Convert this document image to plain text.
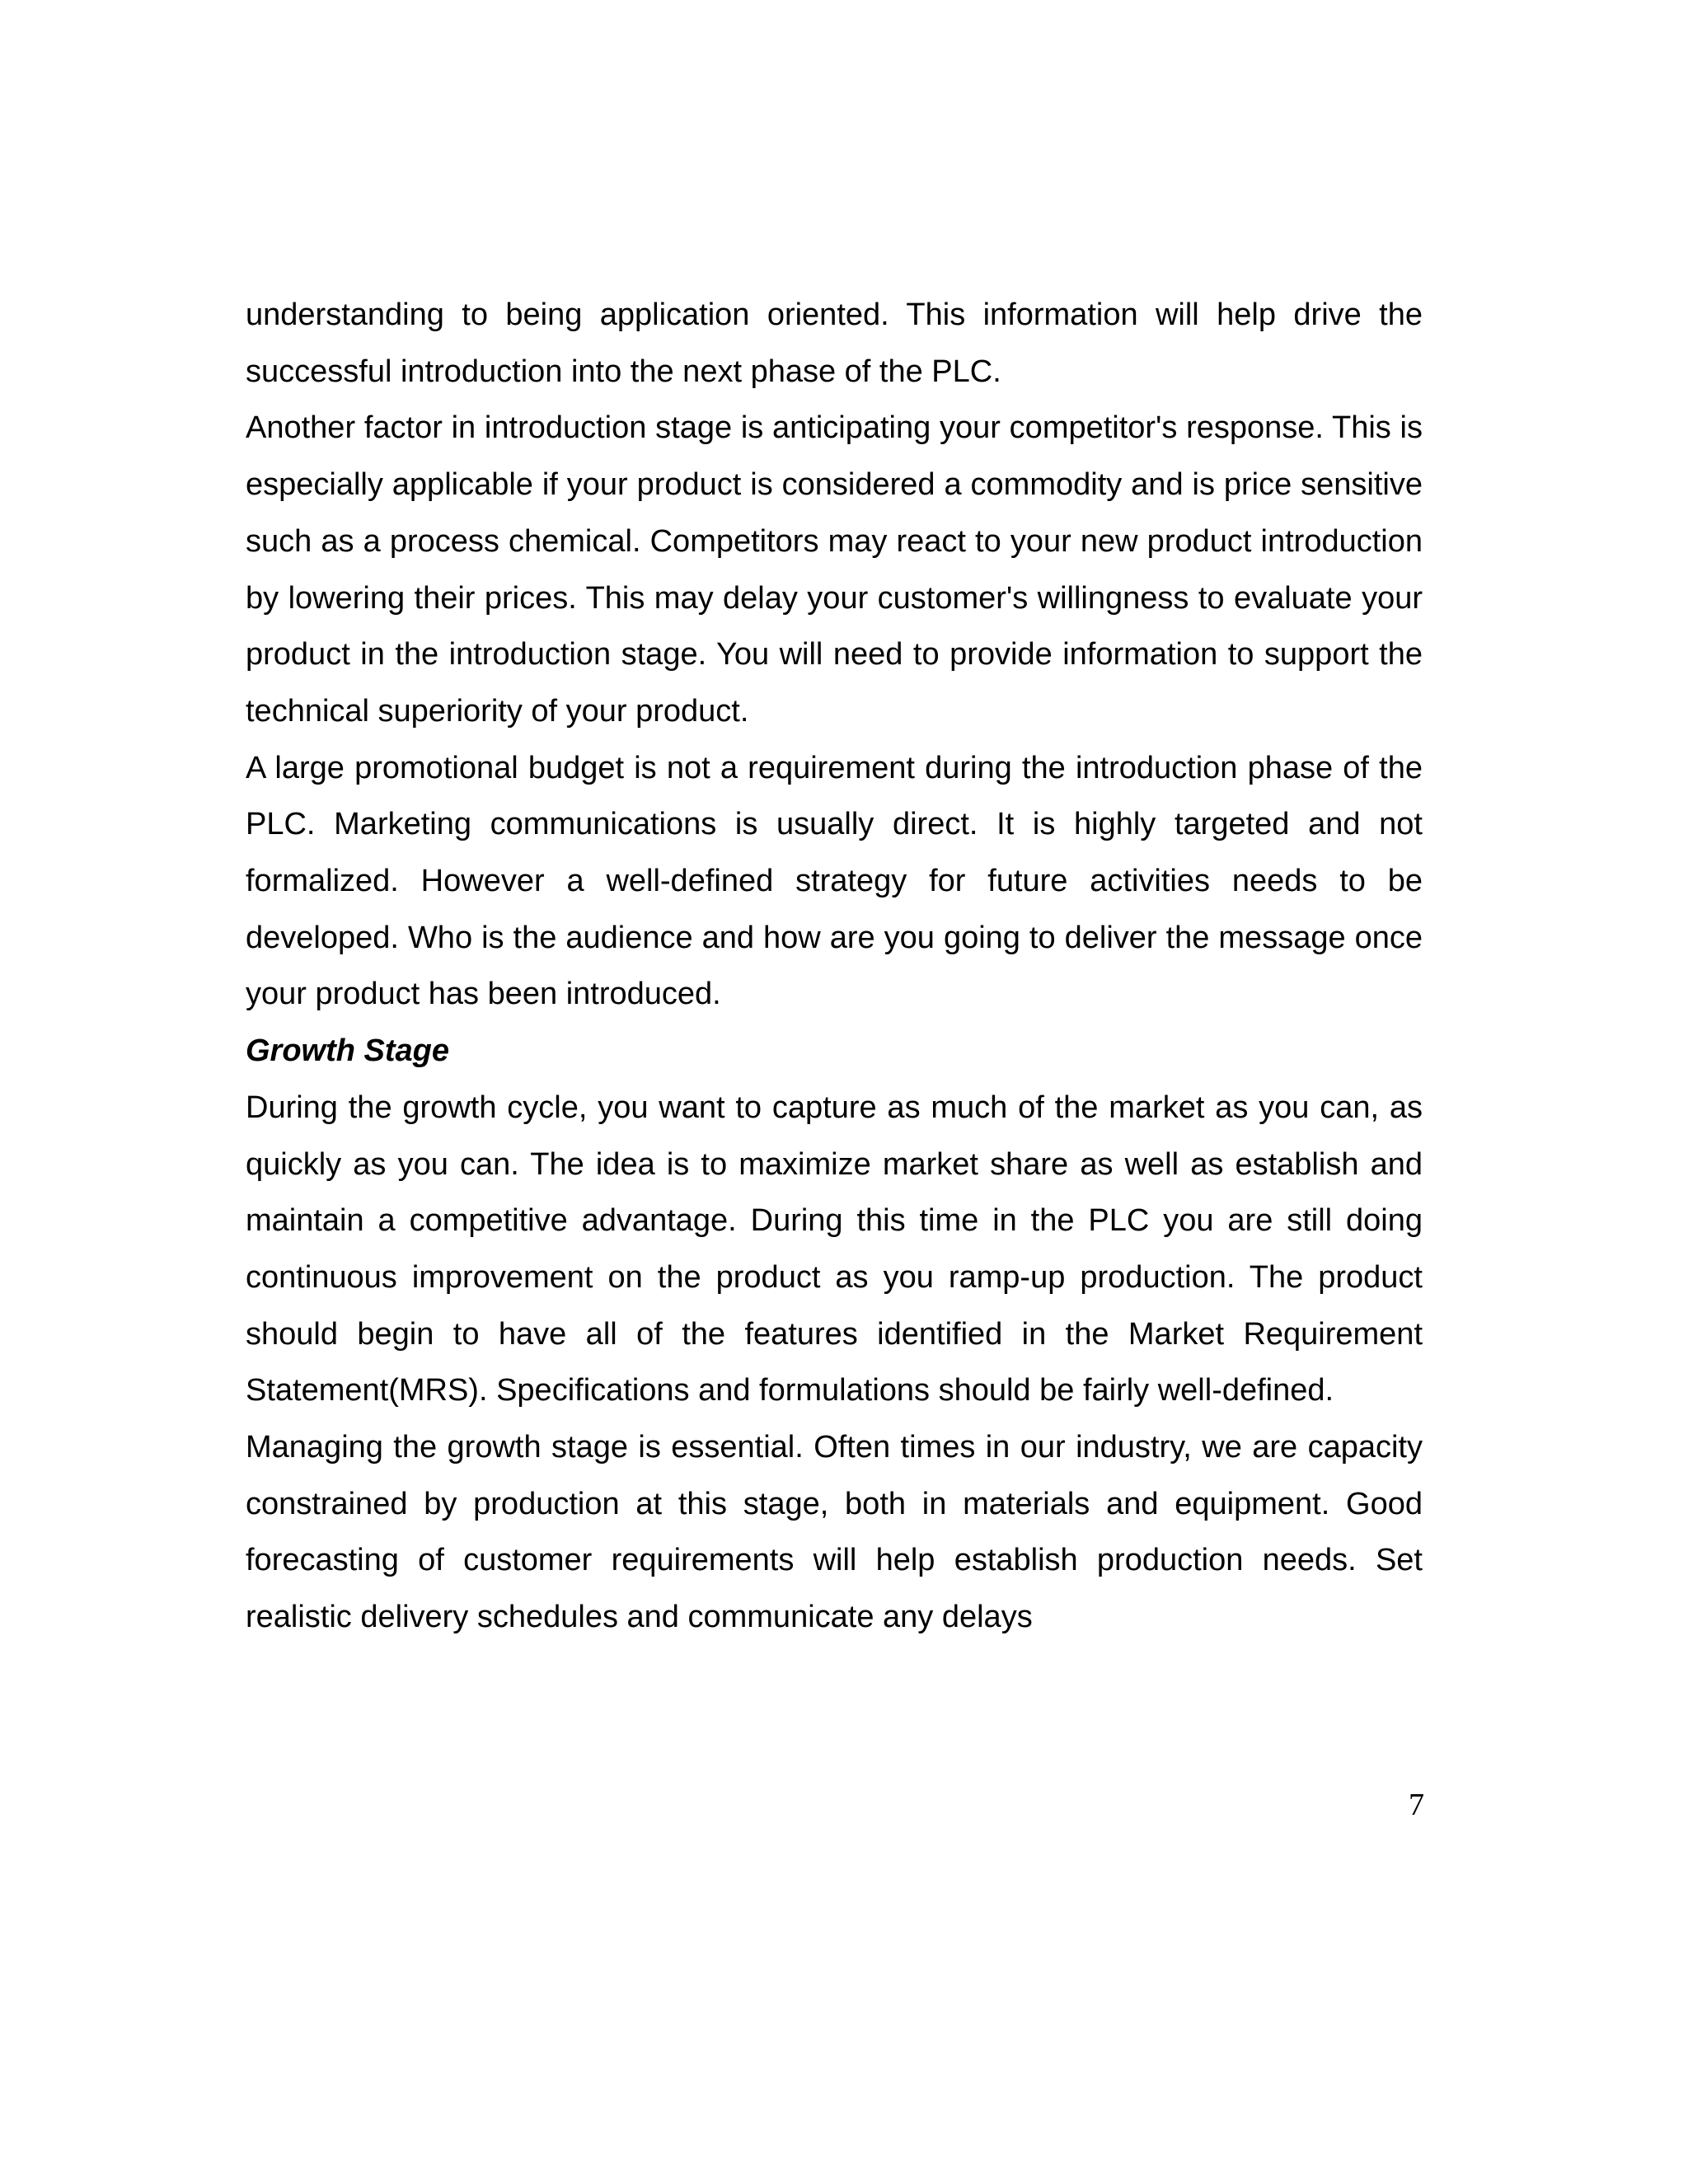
understanding to being application oriented. This information will help drive the successful introduction into the next phase of the PLC.

Another factor in introduction stage is anticipating your competitor's response. This is especially applicable if your product is considered a commodity and is price sensitive such as a process chemical. Competitors may react to your new product introduction by lowering their prices. This may delay your customer's willingness to evaluate your product in the introduction stage. You will need to provide information to support the technical superiority of your product.

A large promotional budget is not a requirement during the introduction phase of the PLC. Marketing communications is usually direct. It is highly targeted and not formalized. However a well-defined strategy for future activities needs to be developed. Who is the audience and how are you going to deliver the message once your product has been introduced.

Growth Stage

During the growth cycle, you want to capture as much of the market as you can, as quickly as you can. The idea is to maximize market share as well as establish and maintain a competitive advantage. During this time in the PLC you are still doing continuous improvement on the product as you ramp-up production. The product should begin to have all of the features identified in the Market Requirement Statement(MRS). Specifications and formulations should be fairly well-defined.

Managing the growth stage is essential. Often times in our industry, we are capacity constrained by production at this stage, both in materials and equipment. Good forecasting of customer requirements will help establish production needs. Set realistic delivery schedules and communicate any delays

7
